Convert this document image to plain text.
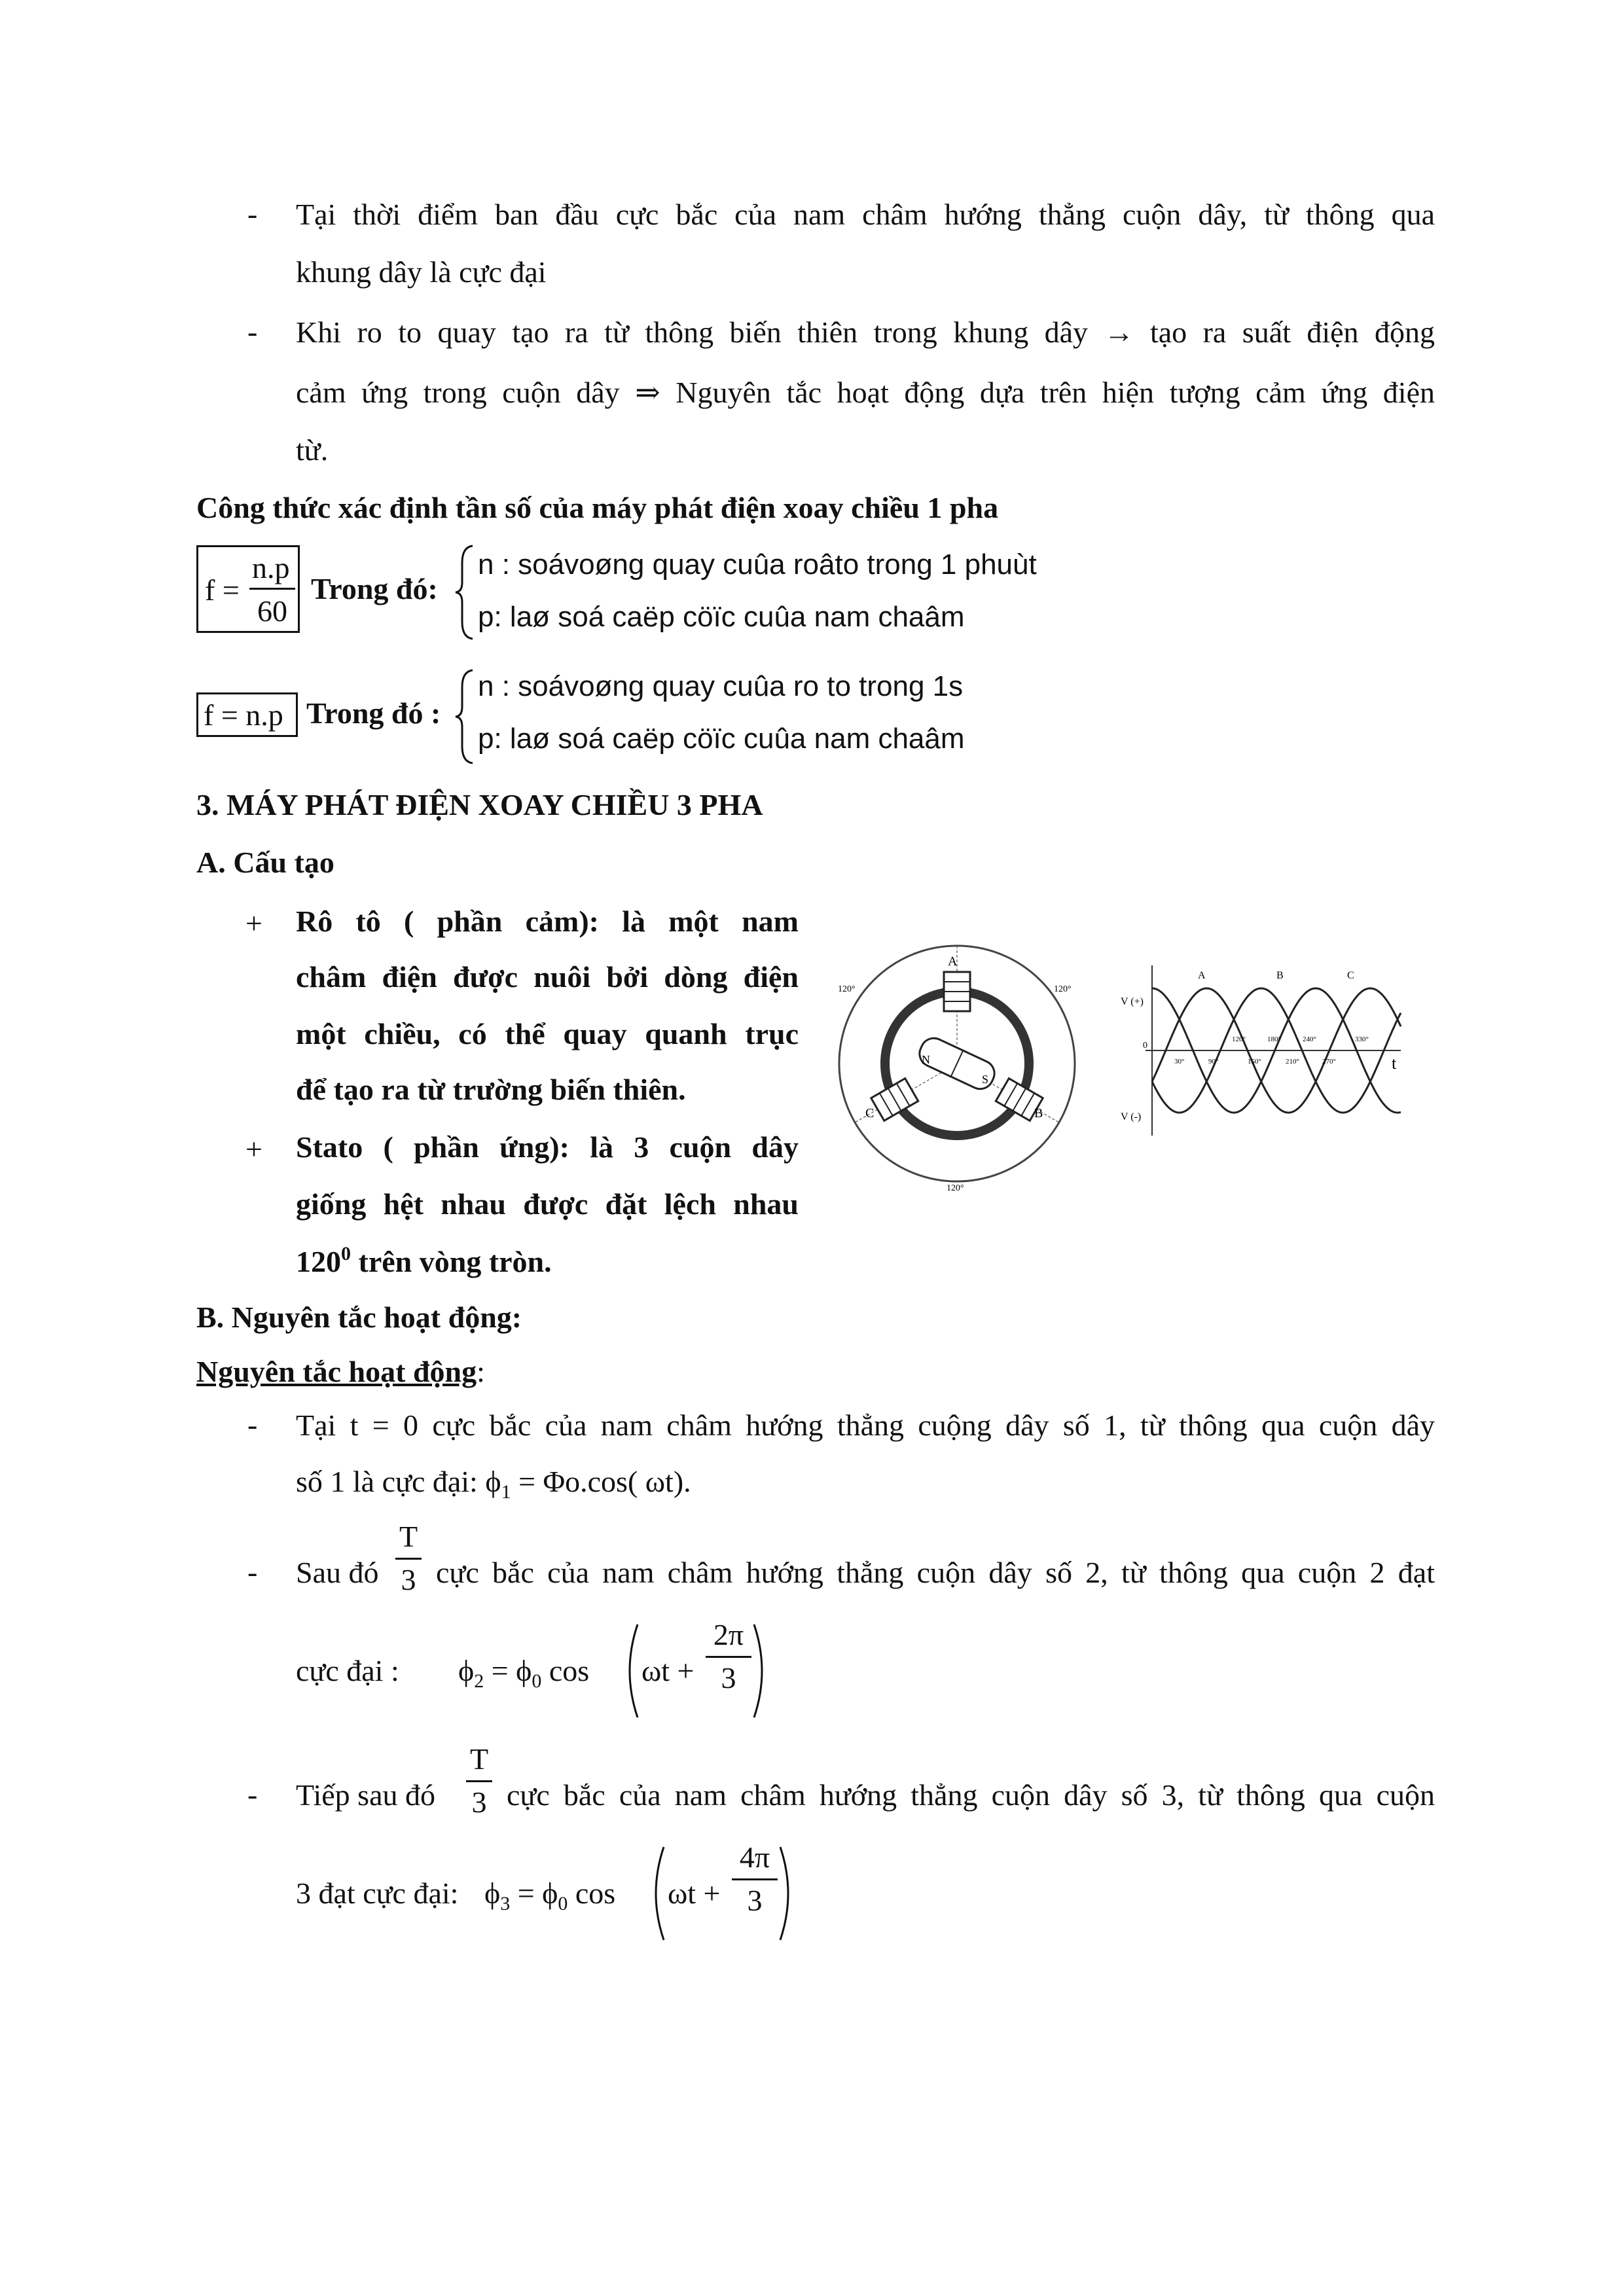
- Tại thời điểm ban đầu cực bắc của nam châm hướng thẳng cuộn dây, từ thông qua
khung dây là cực đại
- Khi ro to quay tạo ra từ thông biến thiên trong khung dây → tạo ra suất điện động
cảm ứng trong cuộn dây ⇒ Nguyên tắc hoạt động dựa trên hiện tượng cảm ứng điện
từ.
Công thức xác định tần số của máy phát điện xoay chiều 1 pha
f =
n.p
60
Trong đó:
n : soávoøng quay cuûa roâto trong 1 phuùt
p: laø soá caëp cöïc cuûa nam chaâm
f = n.p Trong đó :
n : soávoøng quay cuûa ro to trong 1s
p: laø soá caëp cöïc cuûa nam chaâm
3. MÁY PHÁT ĐIỆN XOAY CHIỀU 3 PHA
A. Cấu tạo
+ Rô tô ( phần cảm): là một nam
châm điện được nuôi bởi dòng điện
một chiều, có thể quay quanh trục
để tạo ra từ trường biến thiên.
+ Stato ( phần ứng): là 3 cuộn dây
giống hệt nhau được đặt lệch nhau
$120^0$ trên vòng tròn.
N
S
A
B
C
120°	120°
120°
V (+)
V (-)
0
t
A	B	C
120°	180°	240°	330°
30°	90°	150°	210°	270°
B. Nguyên tắc hoạt động:
Nguyên tắc hoạt động:
- Tại t = 0 cực bắc của nam châm hướng thẳng cuộng dây số 1, từ thông qua cuộn dây
số 1 là cực đại: $\phi_1 = \Phi o.\cos$( ωt).
- Sau đó
T
3 cực bắc của nam châm hướng thẳng cuộn dây số 2, từ thông qua cuộn 2 đạt
cực đại : $\phi_2 = \phi_0$ cos ωt +
2π
3
- Tiếp sau đó
T
3 cực bắc của nam châm hướng thẳng cuộn dây số 3, từ thông qua cuộn
3 đạt cực đại: $\phi_3 = \phi_0$ cos ωt +
4π
3
